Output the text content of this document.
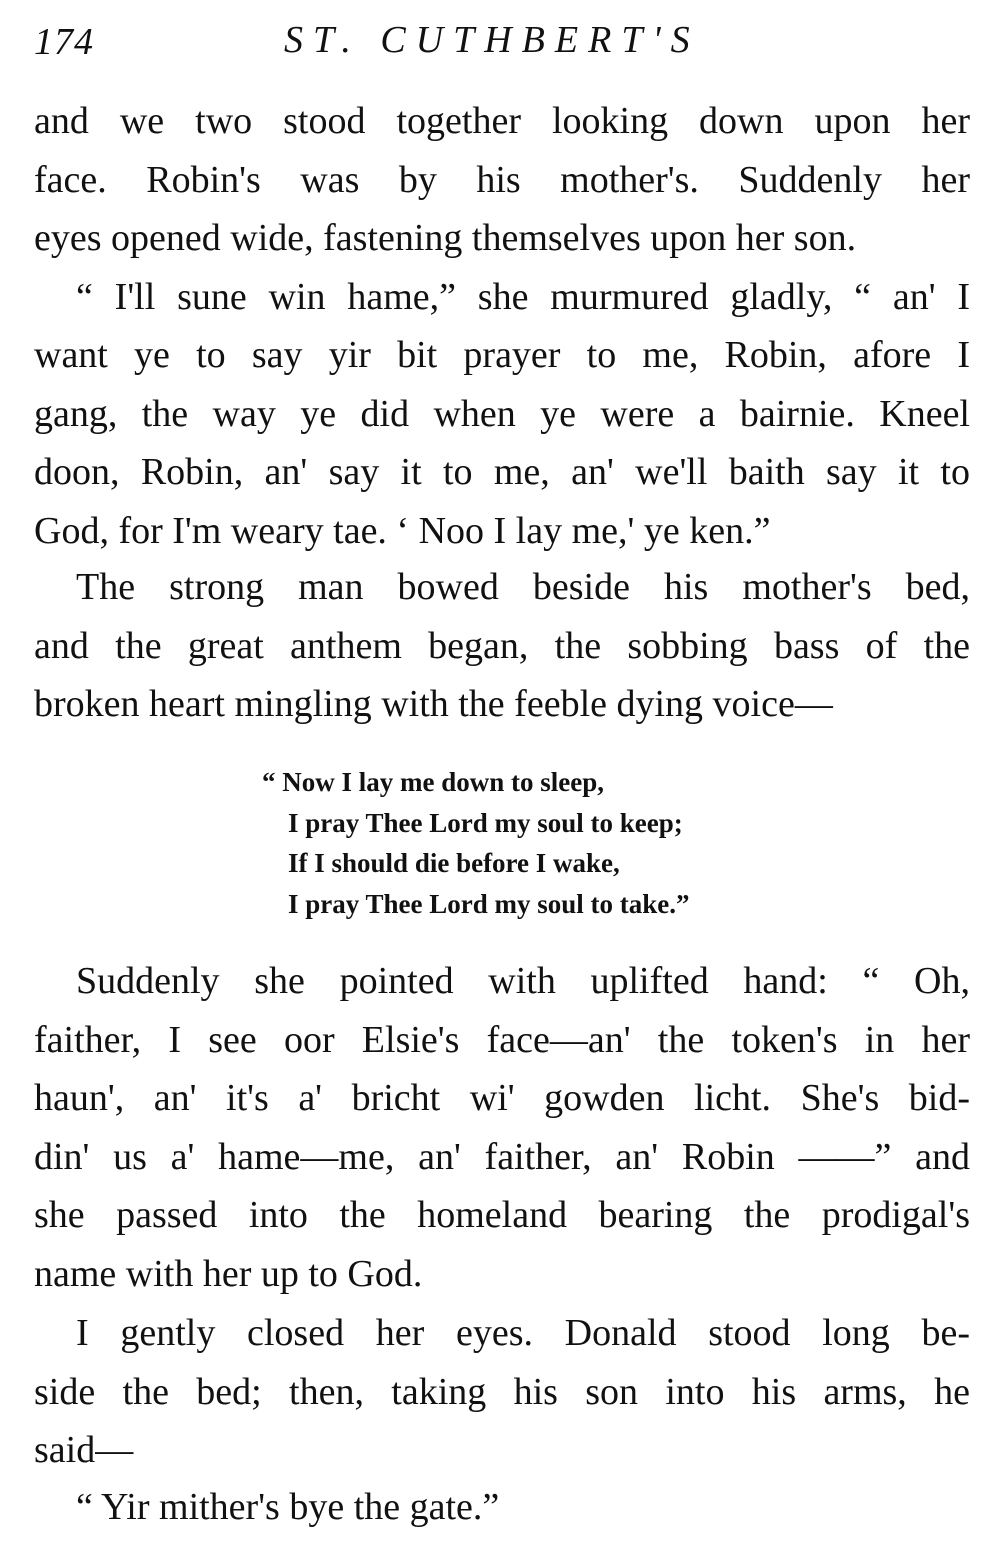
174	ST. CUTHBERT'S
and we two stood together looking down upon her
face. Robin's was by his mother's. Suddenly her
eyes opened wide, fastening themselves upon her son.
“ I'll sune win hame,” she murmured gladly, “ an' I
want ye to say yir bit prayer to me, Robin, afore I
gang, the way ye did when ye were a bairnie. Kneel
doon, Robin, an' say it to me, an' we'll baith say it to
God, for I'm weary tae. ‘ Noo I lay me,' ye ken.”
The strong man bowed beside his mother's bed,
and the great anthem began, the sobbing bass of the
broken heart mingling with the feeble dying voice—
“ Now I lay me down to sleep,
I pray Thee Lord my soul to keep;
If I should die before I wake,
I pray Thee Lord my soul to take.”
Suddenly she pointed with uplifted hand: “ Oh,
faither, I see oor Elsie's face—an' the token's in her
haun', an' it's a' bricht wi' gowden licht. She's bid-
din' us a' hame—me, an' faither, an' Robin ——” and
she passed into the homeland bearing the prodigal's
name with her up to God.
I gently closed her eyes. Donald stood long be-
side the bed; then, taking his son into his arms, he
said—
“ Yir mither's bye the gate.”
